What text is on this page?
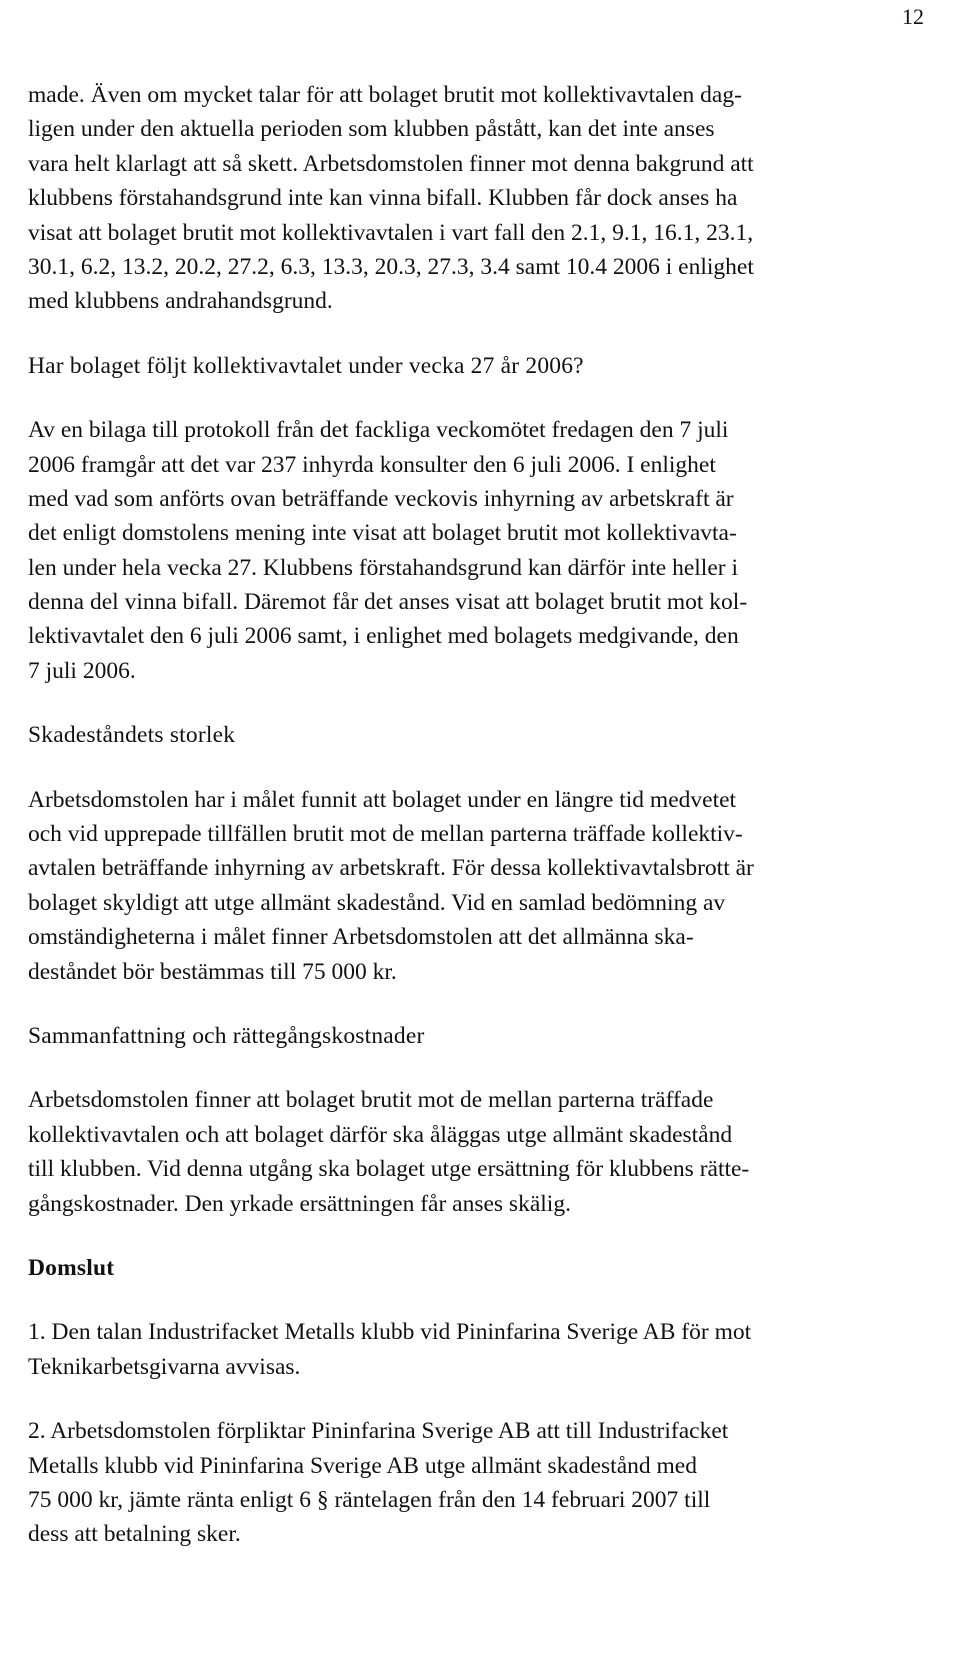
12
made. Även om mycket talar för att bolaget brutit mot kollektivavtalen dag-
ligen under den aktuella perioden som klubben påstått, kan det inte anses
vara helt klarlagt att så skett. Arbetsdomstolen finner mot denna bakgrund att
klubbens förstahandsgrund inte kan vinna bifall. Klubben får dock anses ha
visat att bolaget brutit mot kollektivavtalen i vart fall den 2.1, 9.1, 16.1, 23.1,
30.1, 6.2, 13.2, 20.2, 27.2, 6.3, 13.3, 20.3, 27.3, 3.4 samt 10.4 2006 i enlighet
med klubbens andrahandsgrund.
Har bolaget följt kollektivavtalet under vecka 27 år 2006?
Av en bilaga till protokoll från det fackliga veckomötet fredagen den 7 juli
2006 framgår att det var 237 inhyrda konsulter den 6 juli 2006. I enlighet
med vad som anförts ovan beträffande veckovis inhyrning av arbetskraft är
det enligt domstolens mening inte visat att bolaget brutit mot kollektivavta-
len under hela vecka 27. Klubbens förstahandsgrund kan därför inte heller i
denna del vinna bifall. Däremot får det anses visat att bolaget brutit mot kol-
lektivavtalet den 6 juli 2006 samt, i enlighet med bolagets medgivande, den
7 juli 2006.
Skadeståndets storlek
Arbetsdomstolen har i målet funnit att bolaget under en längre tid medvetet
och vid upprepade tillfällen brutit mot de mellan parterna träffade kollektiv-
avtalen beträffande inhyrning av arbetskraft. För dessa kollektivavtalsbrott är
bolaget skyldigt att utge allmänt skadestånd. Vid en samlad bedömning av
omständigheterna i målet finner Arbetsdomstolen att det allmänna ska-
deståndet bör bestämmas till 75 000 kr.
Sammanfattning och rättegångskostnader
Arbetsdomstolen finner att bolaget brutit mot de mellan parterna träffade
kollektivavtalen och att bolaget därför ska åläggas utge allmänt skadestånd
till klubben. Vid denna utgång ska bolaget utge ersättning för klubbens rätte-
gångskostnader. Den yrkade ersättningen får anses skälig.
Domslut
1. Den talan Industrifacket Metalls klubb vid Pininfarina Sverige AB för mot
Teknikarbetsgivarna avvisas.
2. Arbetsdomstolen förpliktar Pininfarina Sverige AB att till Industrifacket
Metalls klubb vid Pininfarina Sverige AB utge allmänt skadestånd med
75 000 kr, jämte ränta enligt 6 § räntelagen från den 14 februari 2007 till
dess att betalning sker.
